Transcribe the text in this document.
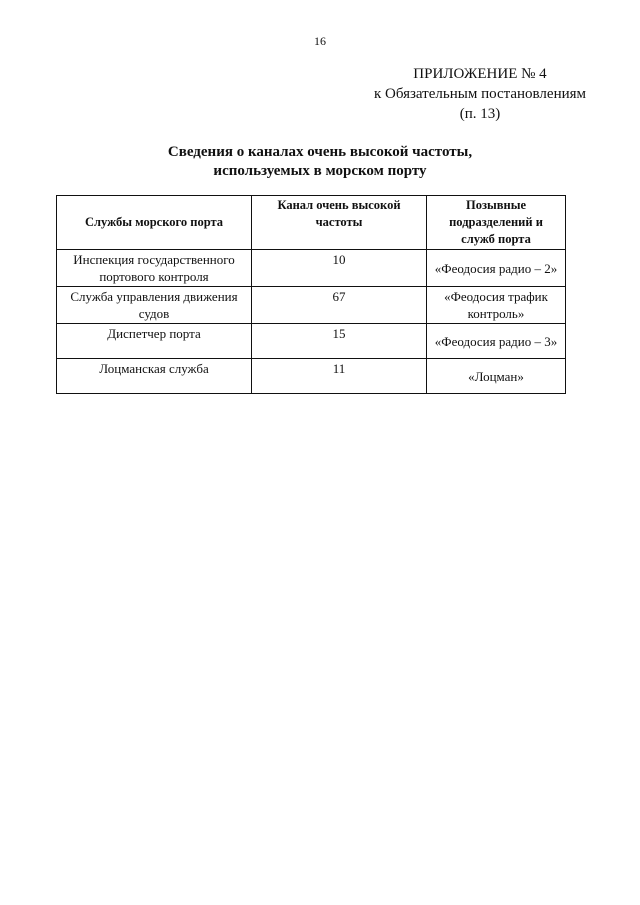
16
ПРИЛОЖЕНИЕ № 4
к Обязательным постановлениям
(п. 13)
Сведения о каналах очень высокой частоты,
используемых в морском порту
Службы морского порта	Канал очень высокой частоты	Позывные подразделений и служб порта
Инспекция государственного портового контроля	10	«Феодосия радио – 2»
Служба управления движения судов	67	«Феодосия трафик контроль»
Диспетчер порта	15	«Феодосия радио – 3»
Лоцманская служба	11	«Лоцман»
